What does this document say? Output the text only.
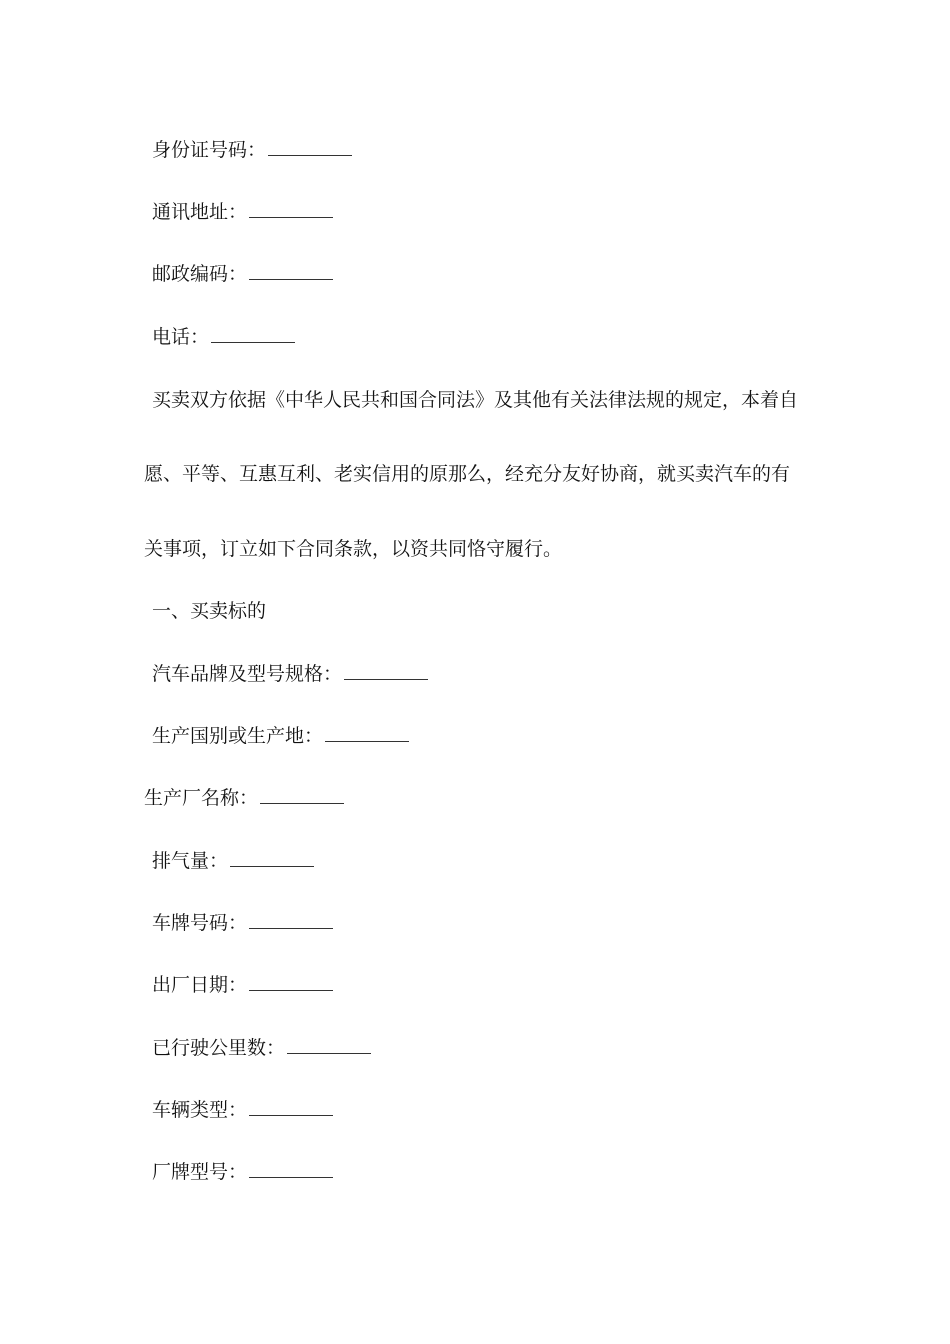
身份证号码：
通讯地址：
邮政编码：
电话：
买卖双方依据《中华人民共和国合同法》及其他有关法律法规的规定，本着自
愿、平等、互惠互利、老实信用的原那么，经充分友好协商，就买卖汽车的有
关事项，订立如下合同条款，以资共同恪守履行。
一、买卖标的
汽车品牌及型号规格：
生产国别或生产地：
生产厂名称：
排气量：
车牌号码：
出厂日期：
已行驶公里数：
车辆类型：
厂牌型号：
